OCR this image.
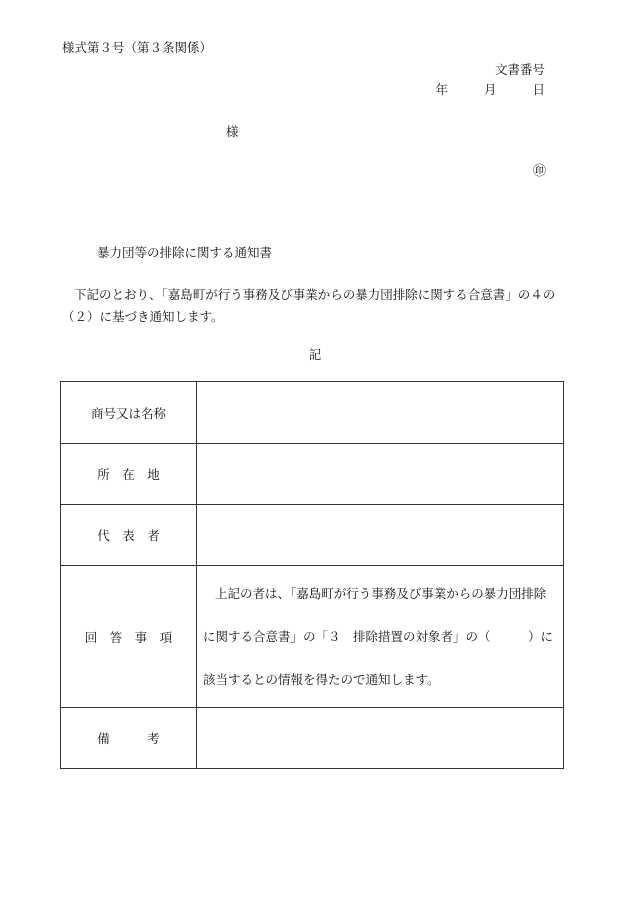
様式第３号（第３条関係）
文書番号
年	月	日
様
㊞
暴力団等の排除に関する通知書
下記のとおり、「嘉島町が行う事務及び事業からの暴力団排除に関する合意書」の４の
（２）に基づき通知します。
記
商号又は名称	
所　在　地	
代　表　者	
回　答　事　項	上記の者は、「嘉島町が行う事務及び事業からの暴力団排除
に関する合意書」の「３　排除措置の対象者」の（　　　）に
該当するとの情報を得たので通知します。

備　　　考	
